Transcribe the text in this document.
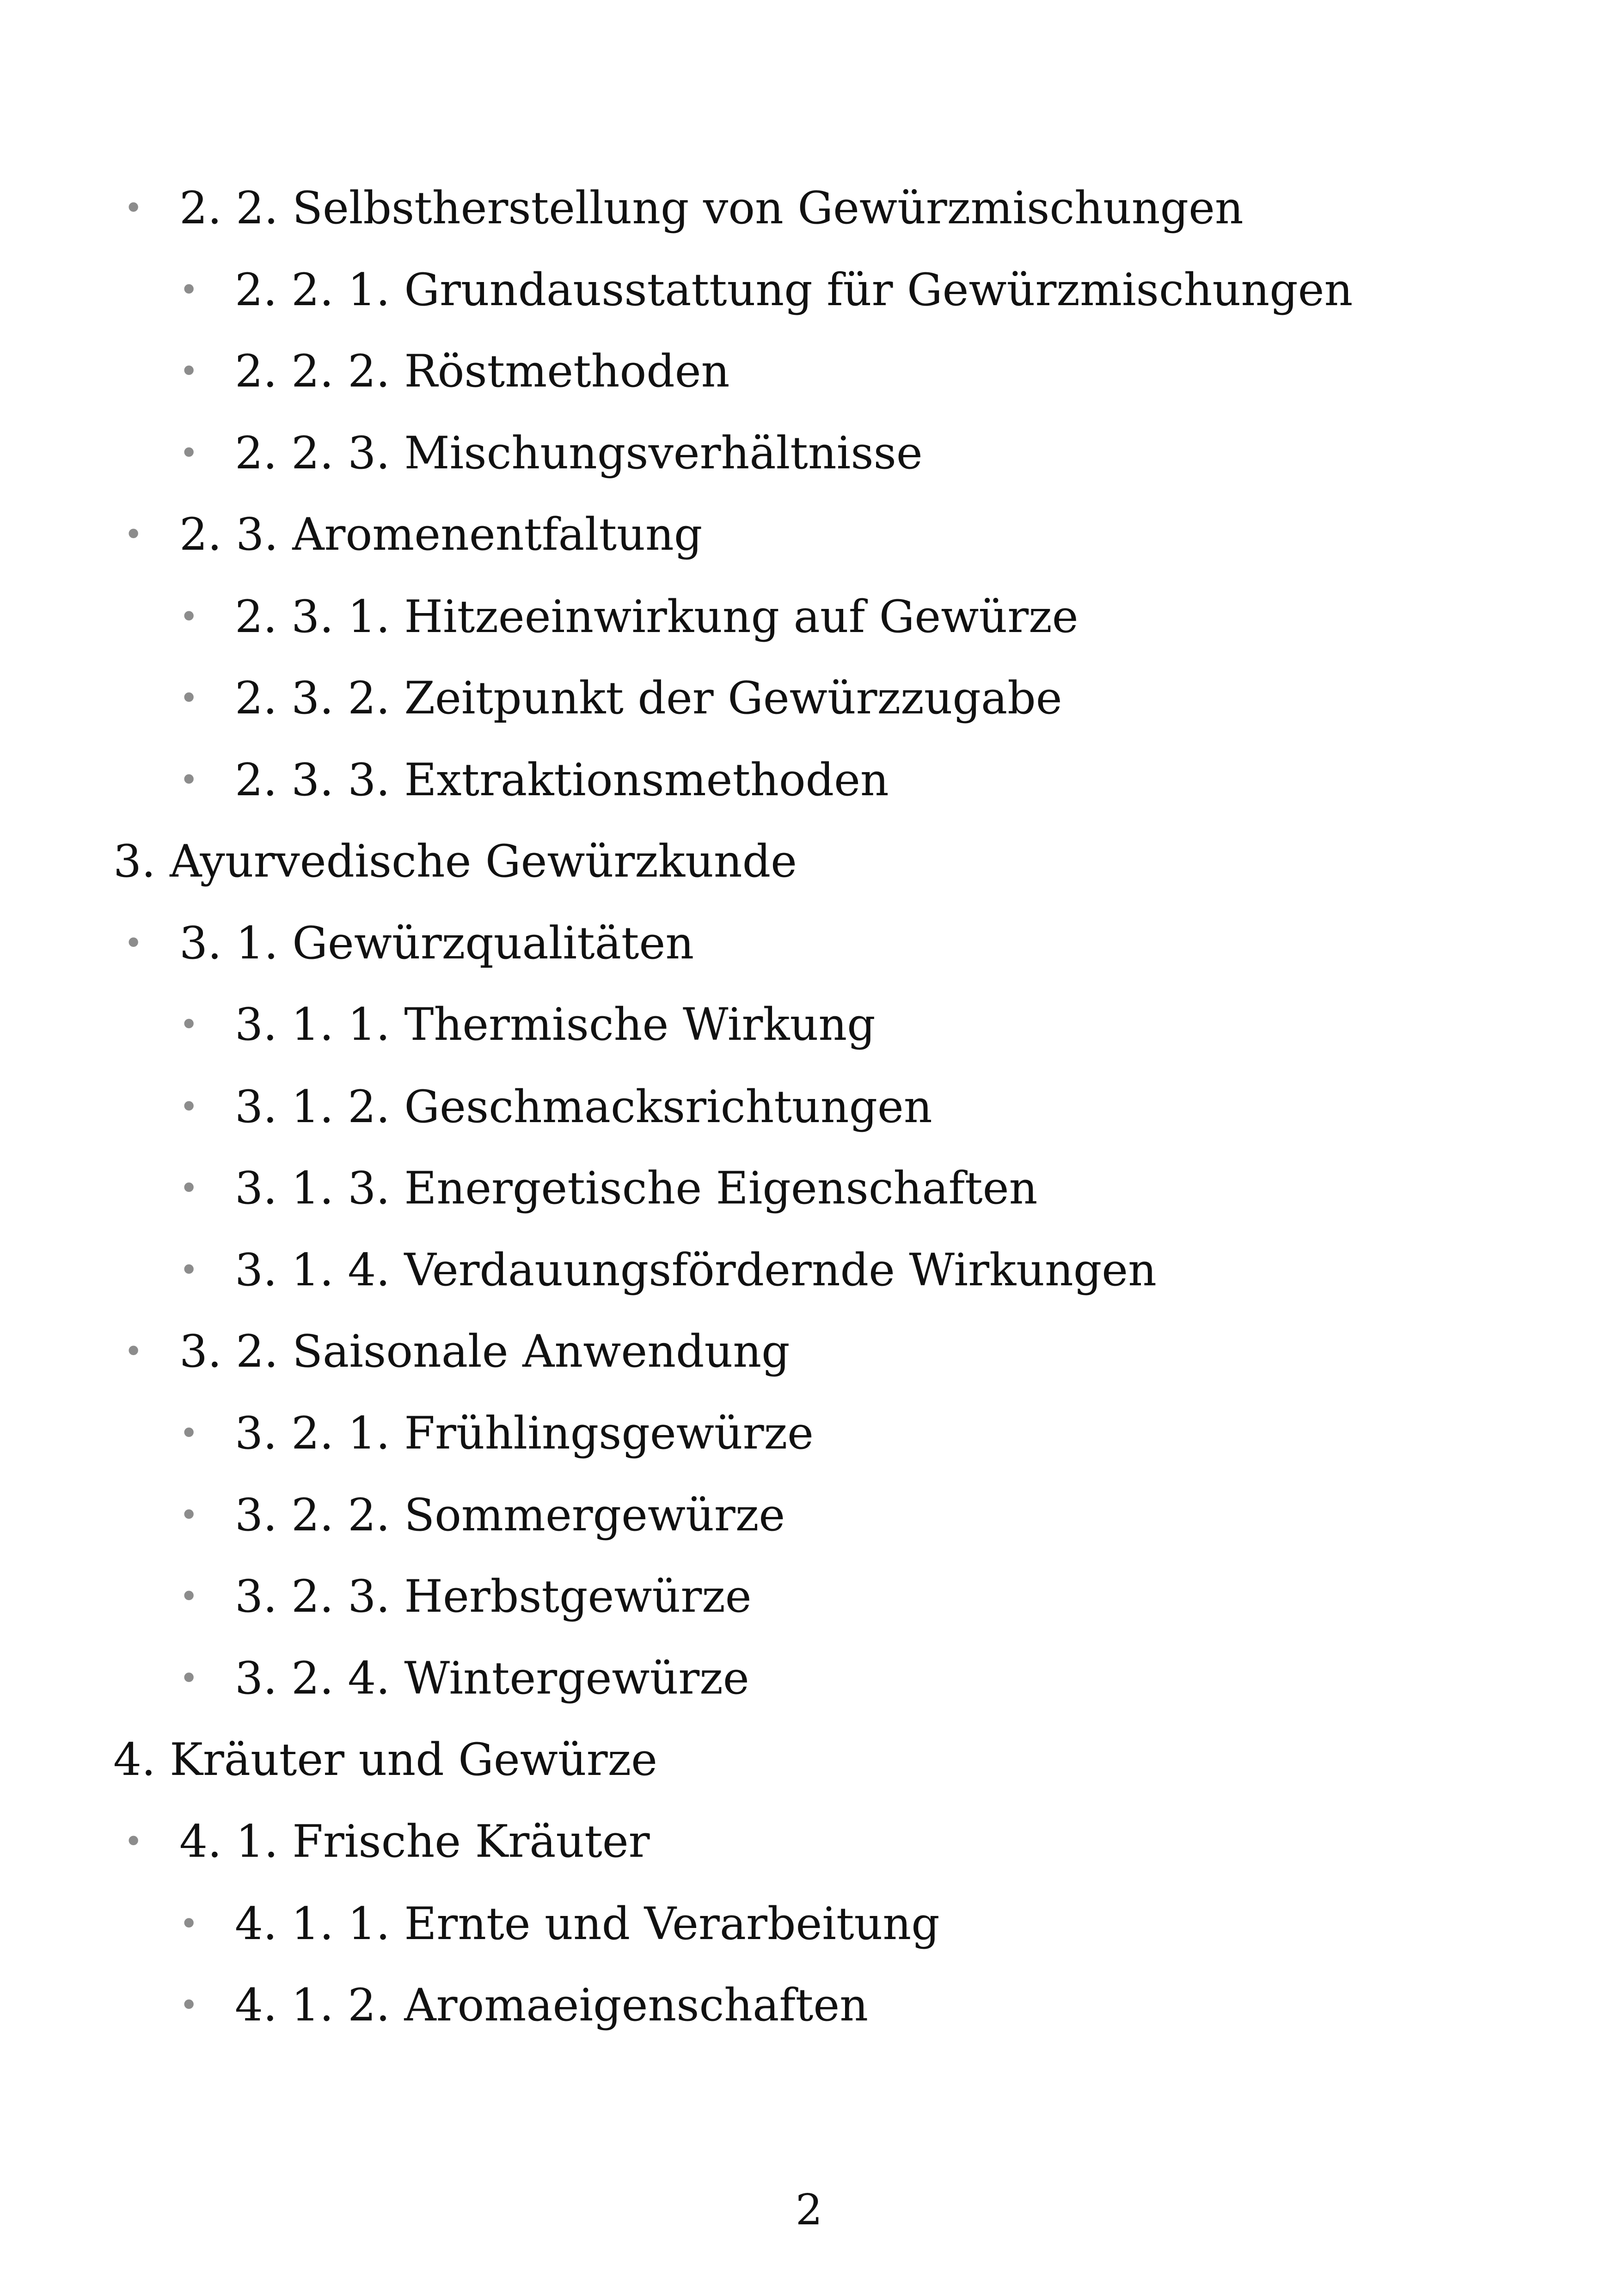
• 2. 2. Selbstherstellung von Gewürzmischungen
• 2. 2. 1. Grundausstattung für Gewürzmischungen
• 2. 2. 2. Röstmethoden
• 2. 2. 3. Mischungsverhältnisse
• 2. 3. Aromenentfaltung
• 2. 3. 1. Hitzeeinwirkung auf Gewürze
• 2. 3. 2. Zeitpunkt der Gewürzzugabe
• 2. 3. 3. Extraktionsmethoden
3. Ayurvedische Gewürzkunde
• 3. 1. Gewürzqualitäten
• 3. 1. 1. Thermische Wirkung
• 3. 1. 2. Geschmacksrichtungen
• 3. 1. 3. Energetische Eigenschaften
• 3. 1. 4. Verdauungsfördernde Wirkungen
• 3. 2. Saisonale Anwendung
• 3. 2. 1. Frühlingsgewürze
• 3. 2. 2. Sommergewürze
• 3. 2. 3. Herbstgewürze
• 3. 2. 4. Wintergewürze
4. Kräuter und Gewürze
• 4. 1. Frische Kräuter
• 4. 1. 1. Ernte und Verarbeitung
• 4. 1. 2. Aromaeigenschaften
2
